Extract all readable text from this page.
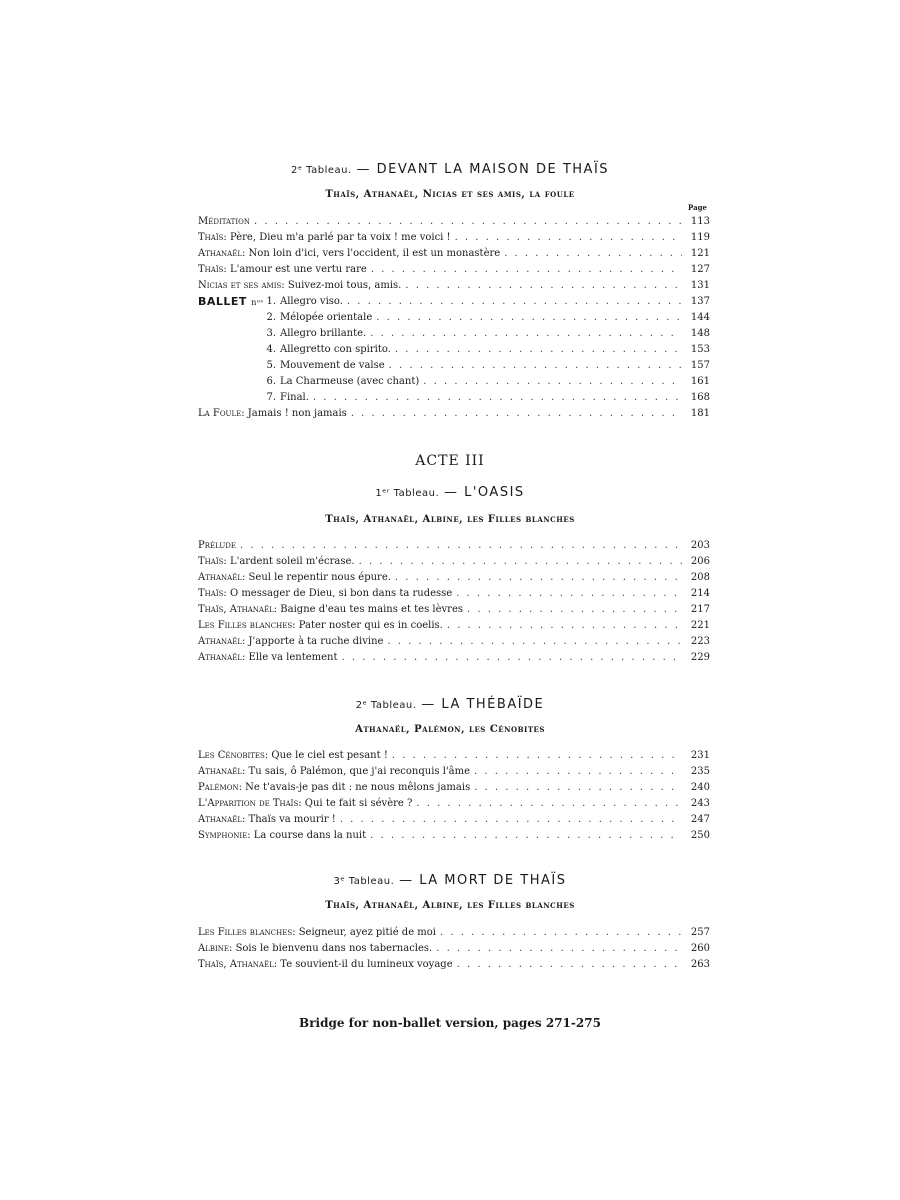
2ᵉ Tableau. — DEVANT LA MAISON DE THAÏS
Thaïs, Athanaël, Nicias et ses amis, la foule
Page
Méditation . . .	113
Thaïs : Père, Dieu m'a parlé par ta voix ! me voici ! . . .	119
Athanaël : Non loin d'ici, vers l'occident, il est un monastère . . .	121
Thaïs : L'amour est une vertu rare . . .	127
Nicias et ses amis : Suivez-moi tous, amis. . . .	131
BALLET nᵒˢ 1. Allegro viso. . . .	137
2. Mélopée orientale . . .	144
3. Allegro brillante. . . .	148
4. Allegretto con spirito. . . .	153
5. Mouvement de valse . . .	157
6. La Charmeuse (avec chant) . . .	161
7. Final. . . .	168
La Foule : Jamais ! non jamais . . .	181
ACTE III
1ᵉʳ Tableau. — L'OASIS
Thaïs, Athanaël, Albine, les Filles blanches
Prélude . . .	203
Thaïs : L'ardent soleil m'écrase. . . .	206
Athanaël : Seul le repentir nous épure. . . .	208
Thaïs : O messager de Dieu, si bon dans ta rudesse . . .	214
Thaïs, Athanaël : Baigne d'eau tes mains et tes lèvres . . .	217
Les Filles blanches : Pater noster qui es in coelis. . . .	221
Athanaël : J'apporte à ta ruche divine . . .	223
Athanaël : Elle va lentement . . .	229
2ᵉ Tableau. — LA THÉBAÏDE
Athanaël, Palémon, les Cénobites
Les Cénobites : Que le ciel est pesant ! . . .	231
Athanaël : Tu sais, ô Palémon, que j'ai reconquis l'âme . . .	235
Palémon : Ne t'avais-je pas dit : ne nous mêlons jamais . . .	240
L'Apparition de Thaïs : Qui te fait si sévère ? . . .	243
Athanaël : Thaïs va mourir ! . . .	247
Symphonie : La course dans la nuit . . .	250
3ᵉ Tableau. — LA MORT DE THAÏS
Thaïs, Athanaël, Albine, les Filles blanches
Les Filles blanches : Seigneur, ayez pitié de moi . . .	257
Albine : Sois le bienvenu dans nos tabernacles. . . .	260
Thaïs, Athanaël : Te souvient-il du lumineux voyage . . .	263
Bridge for non-ballet version, pages 271-275
